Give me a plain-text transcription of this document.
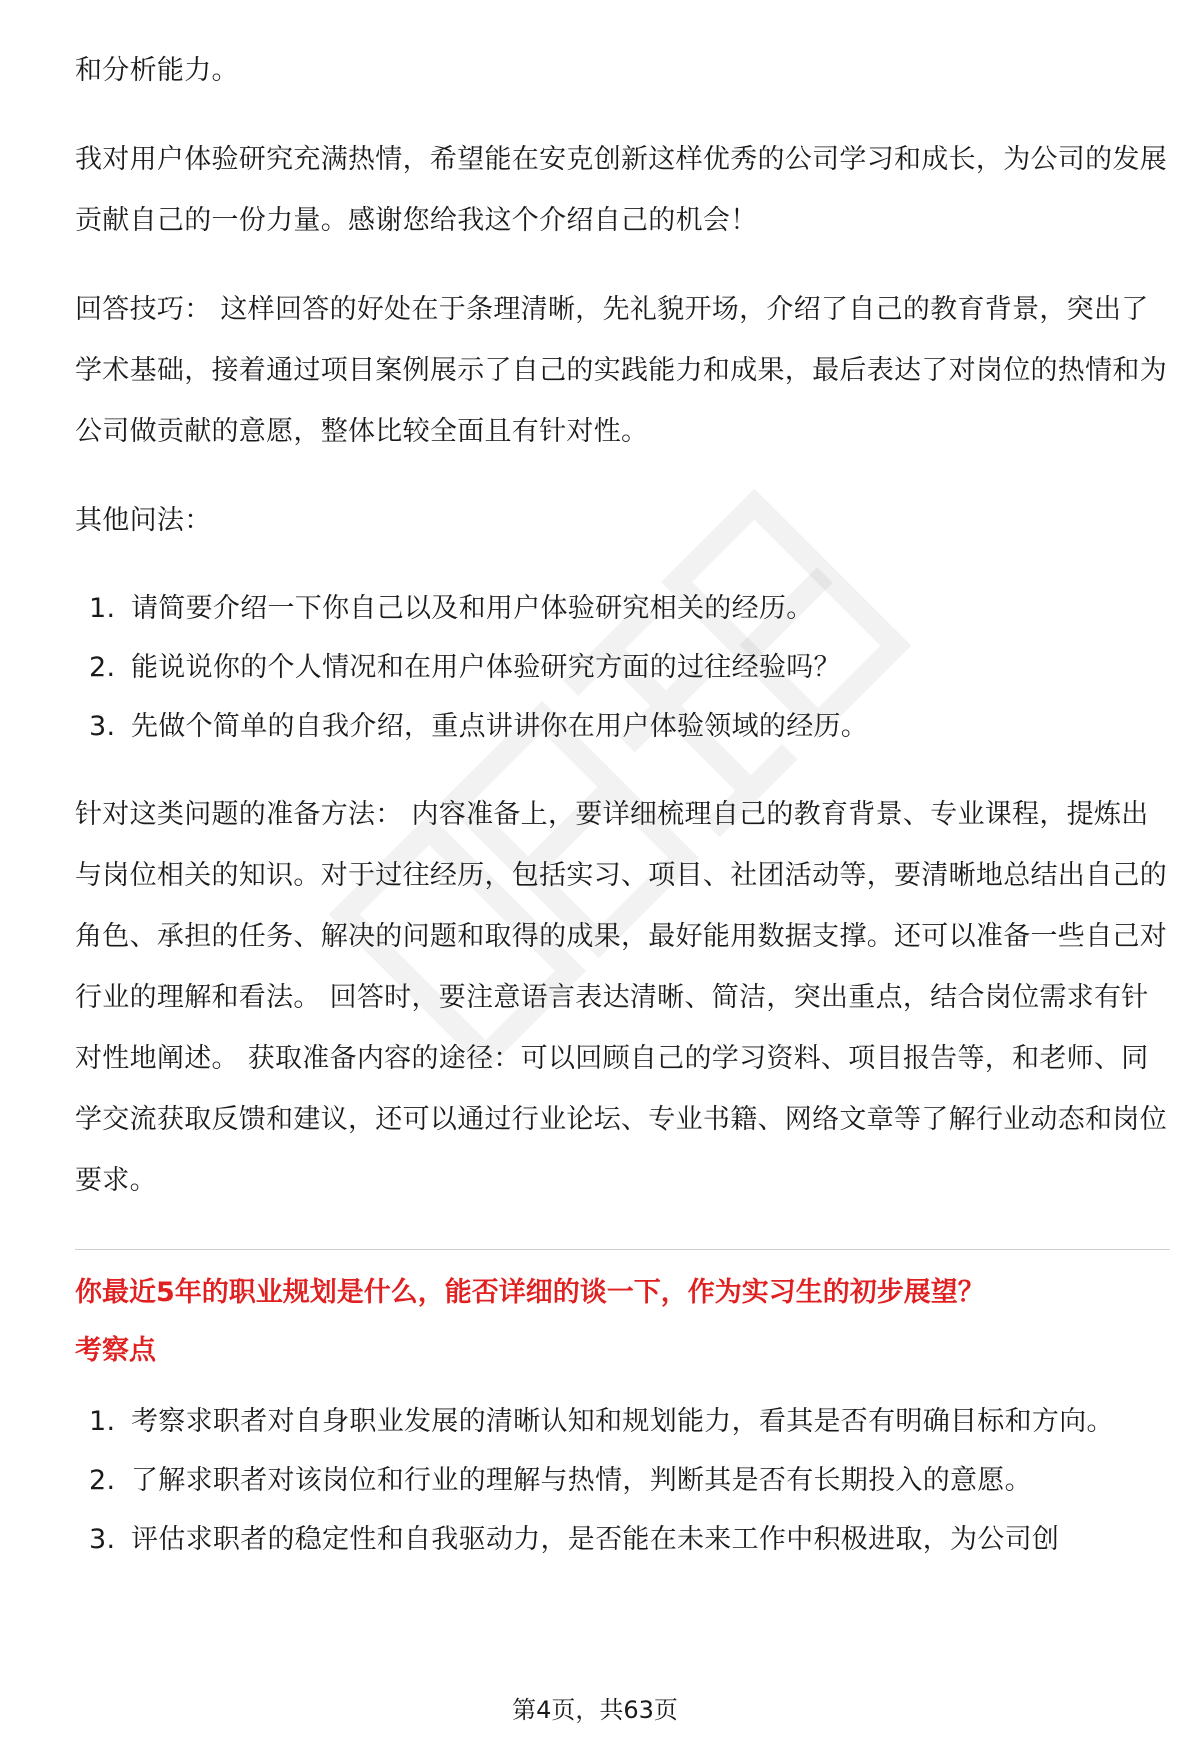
和分析能力。

我对用户体验研究充满热情，希望能在安克创新这样优秀的公司学习和成长，为公司的发展贡献自己的一份力量。感谢您给我这个介绍自己的机会！

回答技巧： 这样回答的好处在于条理清晰，先礼貌开场，介绍了自己的教育背景，突出了学术基础，接着通过项目案例展示了自己的实践能力和成果，最后表达了对岗位的热情和为公司做贡献的意愿，整体比较全面且有针对性。

其他问法：

1. 请简要介绍一下你自己以及和用户体验研究相关的经历。
2. 能说说你的个人情况和在用户体验研究方面的过往经验吗？
3. 先做个简单的自我介绍，重点讲讲你在用户体验领域的经历。

针对这类问题的准备方法： 内容准备上，要详细梳理自己的教育背景、专业课程，提炼出与岗位相关的知识。对于过往经历，包括实习、项目、社团活动等，要清晰地总结出自己的角色、承担的任务、解决的问题和取得的成果，最好能用数据支撑。还可以准备一些自己对行业的理解和看法。 回答时，要注意语言表达清晰、简洁，突出重点，结合岗位需求有针对性地阐述。 获取准备内容的途径：可以回顾自己的学习资料、项目报告等，和老师、同学交流获取反馈和建议，还可以通过行业论坛、专业书籍、网络文章等了解行业动态和岗位要求。

你最近5年的职业规划是什么，能否详细的谈一下，作为实习生的初步展望？
考察点
1. 考察求职者对自身职业发展的清晰认知和规划能力，看其是否有明确目标和方向。
2. 了解求职者对该岗位和行业的理解与热情，判断其是否有长期投入的意愿。
3. 评估求职者的稳定性和自我驱动力，是否能在未来工作中积极进取，为公司创
第4页，共63页
